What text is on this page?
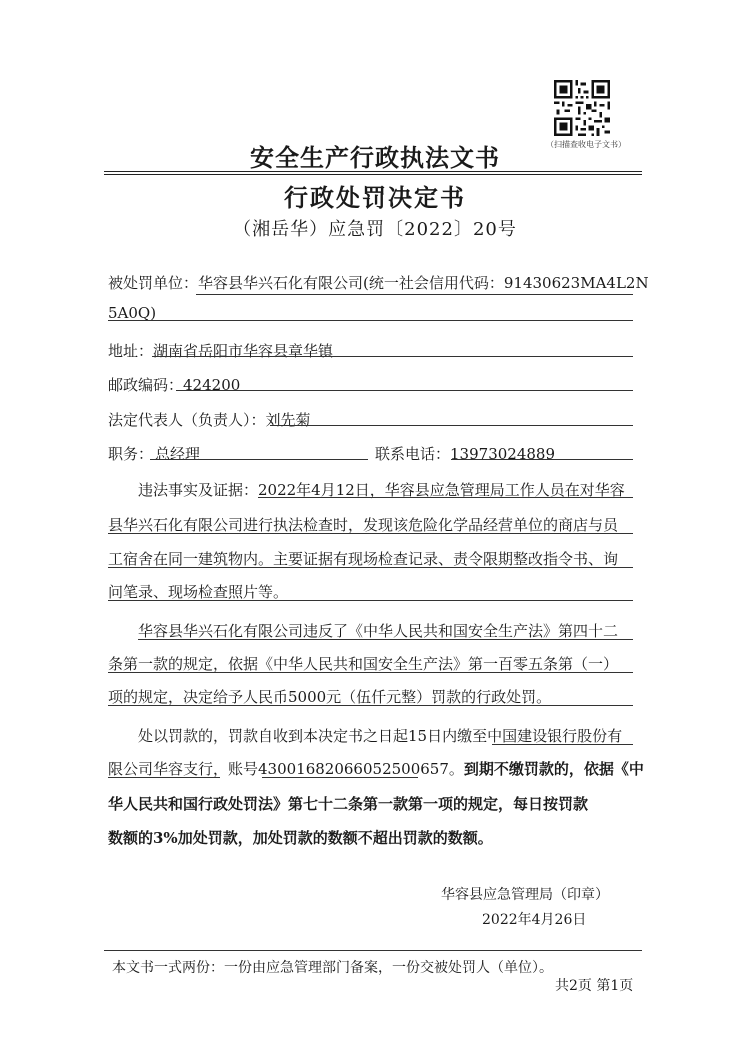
（扫描查收电子文书）
安全生产行政执法文书
行政处罚决定书
（湘岳华）应急罚〔2022〕20号
被处罚单位：华容县华兴石化有限公司(统一社会信用代码：91430623MA4L2N
5A0Q)
地址：湖南省岳阳市华容县章华镇
邮政编码：424200
法定代表人（负责人）：刘先菊
职务： 总经理	联系电话：13973024889
违法事实及证据：2022年4月12日，华容县应急管理局工作人员在对华容
县华兴石化有限公司进行执法检查时，发现该危险化学品经营单位的商店与员
工宿舍在同一建筑物内。主要证据有现场检查记录、责令限期整改指令书、询
问笔录、现场检查照片等。
华容县华兴石化有限公司违反了《中华人民共和国安全生产法》第四十二
条第一款的规定，依据《中华人民共和国安全生产法》第一百零五条第（一）
项的规定，决定给予人民币5000元（伍仟元整）罚款的行政处罚。
处以罚款的，罚款自收到本决定书之日起15日内缴至中国建设银行股份有
限公司华容支行，账号43001682066052500657。到期不缴罚款的，依据《中
华人民共和国行政处罚法》第七十二条第一款第一项的规定，每日按罚款
数额的3%加处罚款，加处罚款的数额不超出罚款的数额。
华容县应急管理局（印章）
2022年4月26日
本文书一式两份：一份由应急管理部门备案，一份交被处罚人（单位）。
共2页 第1页
